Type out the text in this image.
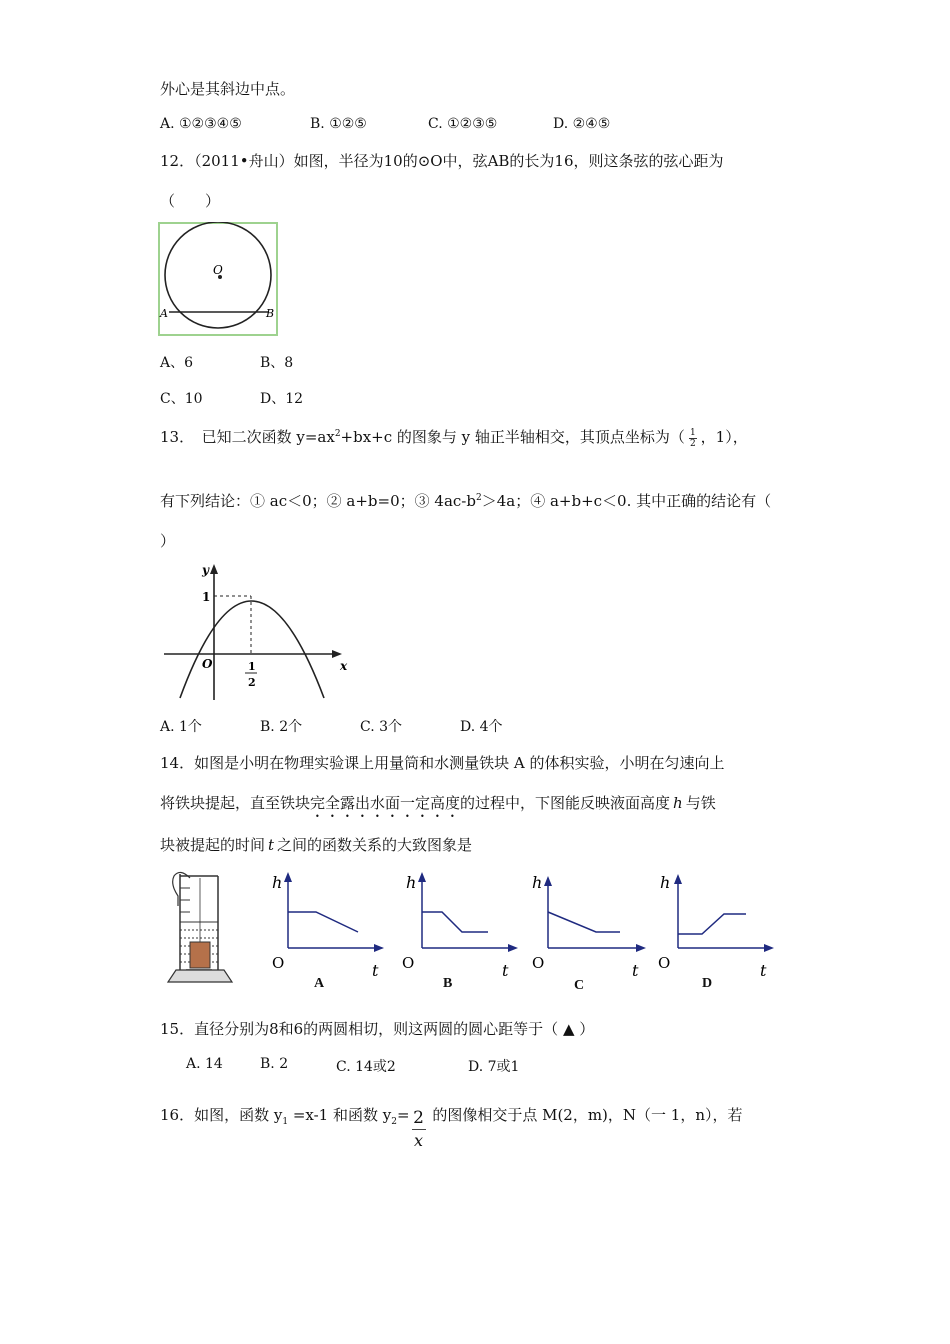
外心是其斜边中点。
A. ①②③④⑤	B. ①②⑤	C. ①②③⑤	D. ②④⑤
12．（2011•舟山）如图，半径为10的⊙O中，弦AB的长为16，则这条弦的弦心距为
（　　）
O
A	B
A、6	B、8
C、10	D、12
13．　已知二次函数 $y=ax^2+bx+c$ 的图象与 y 轴正半轴相交，其顶点坐标为（ $\frac{1}{2}$ ，1），
有下列结论：① ac＜0；② a+b=0；③ $4ac-b^2>4a$；④ a+b+c＜0. 其中正确的结论有（
）
y
x
O
1
1
2
A. 1个	B. 2个	C. 3个	D. 4个
14．如图是小明在物理实验课上用量筒和水测量铁块 A 的体积实验，小明在匀速向上
将铁块提起，直至铁块完全露出水面一定高度的过程中，下图能反映液面高度 h 与铁
块被提起的时间 t 之间的函数关系的大致图象是
h
O	t
A
h
O	t
B
h
O	t
C
h
O	t
D
15．直径分别为8和6的两圆相切，则这两圆的圆心距等于（ ▲ ）
A. 14	B. 2	C. 14或2	D. 7或1
16．如图，函数 $y_1 =x-1$ 和函数 $y_2= \frac{2}{x}$ 的图像相交于点 M(2，m)，N（一 1，n），若
